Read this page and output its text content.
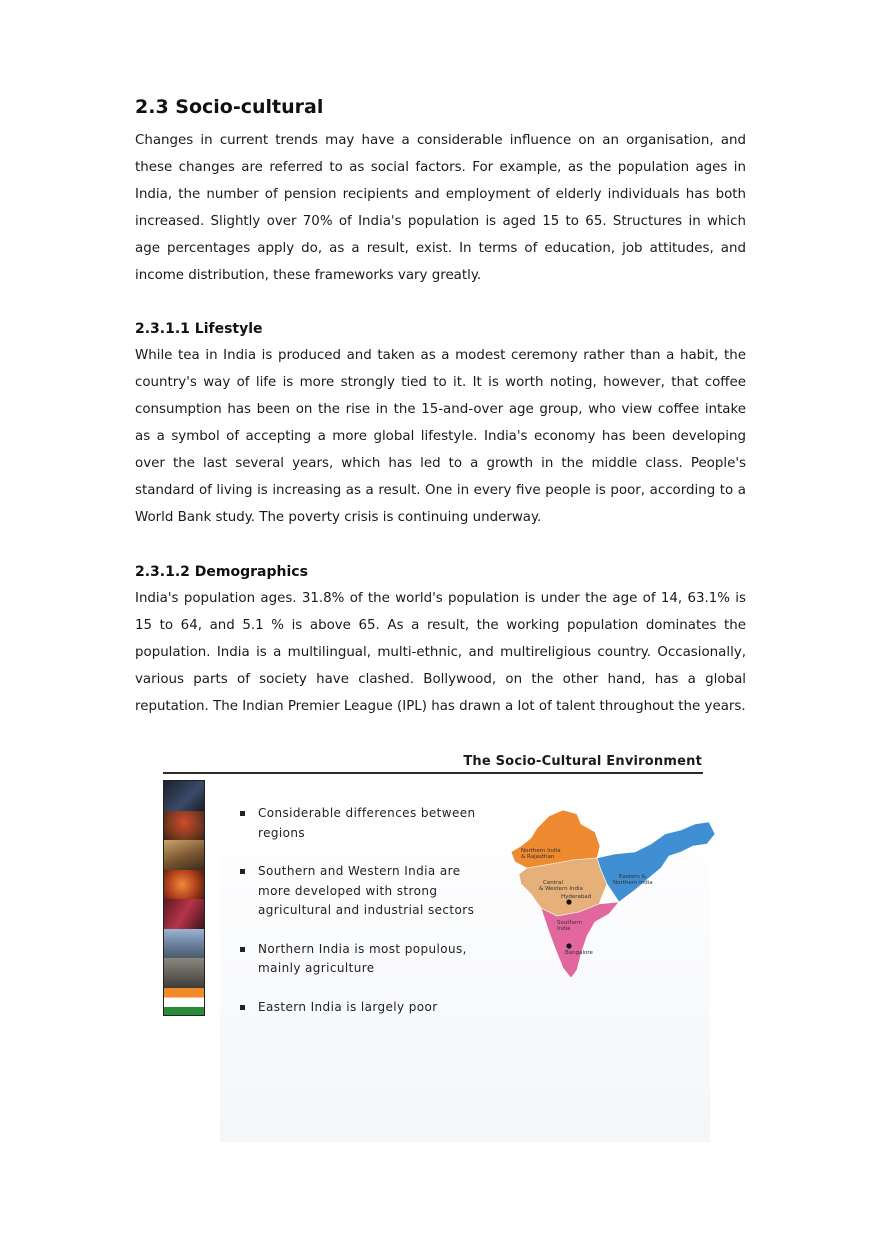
2.3 Socio-cultural

Changes in current trends may have a considerable influence on an organisation, and these changes are referred to as social factors. For example, as the population ages in India, the number of pension recipients and employment of elderly individuals has both increased. Slightly over 70% of India's population is aged 15 to 65. Structures in which age percentages apply do, as a result, exist. In terms of education, job attitudes, and income distribution, these frameworks vary greatly.

2.3.1.1 Lifestyle

While tea in India is produced and taken as a modest ceremony rather than a habit, the country's way of life is more strongly tied to it. It is worth noting, however, that coffee consumption has been on the rise in the 15-and-over age group, who view coffee intake as a symbol of accepting a more global lifestyle. India's economy has been developing over the last several years, which has led to a growth in the middle class. People's standard of living is increasing as a result. One in every five people is poor, according to a World Bank study. The poverty crisis is continuing underway.

2.3.1.2 Demographics

India's population ages. 31.8% of the world's population is under the age of 14, 63.1% is 15 to 64, and 5.1 % is above 65. As a result, the working population dominates the population. India is a multilingual, multi-ethnic, and multireligious country. Occasionally, various parts of society have clashed. Bollywood, on the other hand, has a global reputation. The Indian Premier League (IPL) has drawn a lot of talent throughout the years.

The Socio-Cultural Environment
Considerable differences between regions
Southern and Western India are more developed with strong agricultural and industrial sectors
Northern India is most populous, mainly agriculture
Eastern India is largely poor
Northern India & Rajasthan
Central & Western India
Eastern & Northern India
Southern India
Hyderabad
Bangalore
